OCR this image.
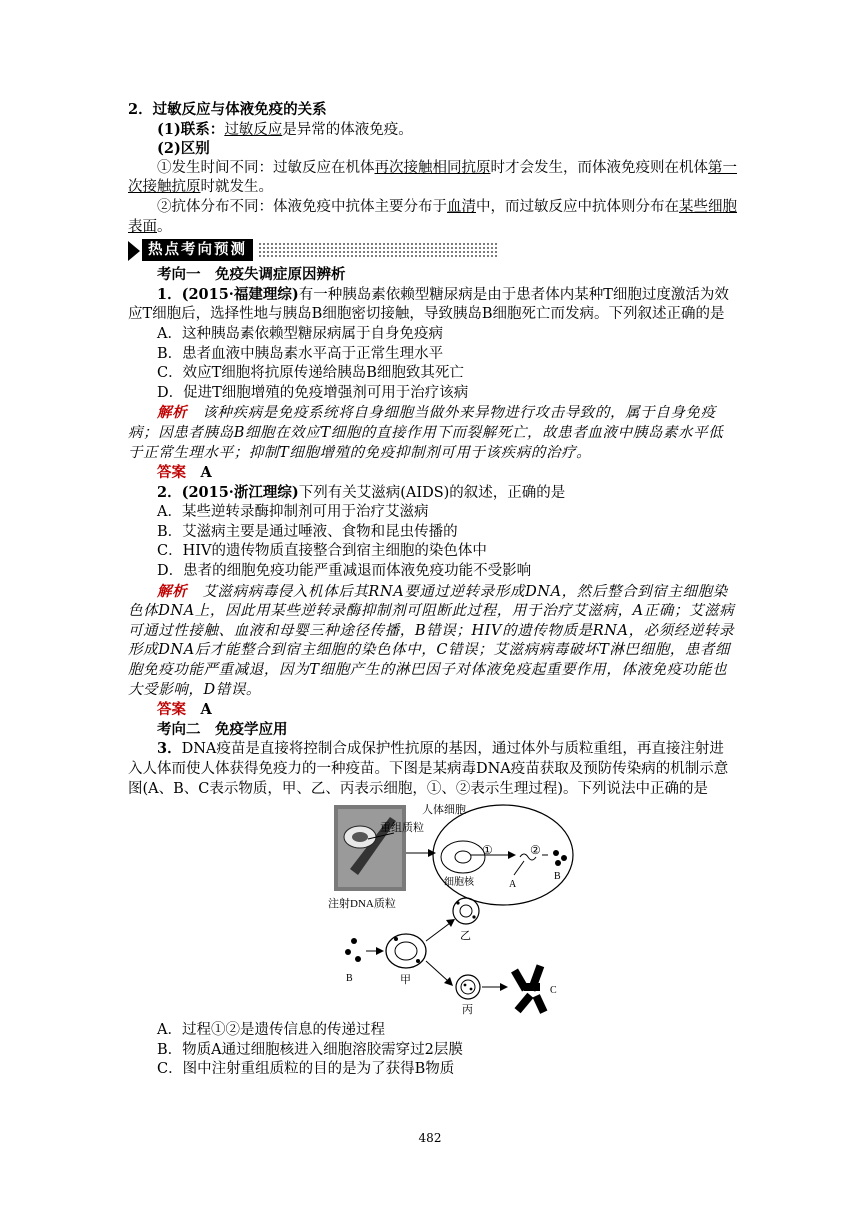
2．过敏反应与体液免疫的关系
(1)联系：过敏反应是异常的体液免疫。
(2)区别
①发生时间不同：过敏反应在机体再次接触相同抗原时才会发生，而体液免疫则在机体第一次接触抗原时就发生。
②抗体分布不同：体液免疫中抗体主要分布于血清中，而过敏反应中抗体则分布在某些细胞表面。
热点考向预测
考向一　免疫失调症原因辨析
1．(2015·福建理综)有一种胰岛素依赖型糖尿病是由于患者体内某种T细胞过度激活为效应T细胞后，选择性地与胰岛B细胞密切接触，导致胰岛B细胞死亡而发病。下列叙述正确的是
A．这种胰岛素依赖型糖尿病属于自身免疫病
B．患者血液中胰岛素水平高于正常生理水平
C．效应T细胞将抗原传递给胰岛B细胞致其死亡
D．促进T细胞增殖的免疫增强剂可用于治疗该病
解析　 该种疾病是免疫系统将自身细胞当做外来异物进行攻击导致的，属于自身免疫病；因患者胰岛B细胞在效应T细胞的直接作用下而裂解死亡，故患者血液中胰岛素水平低于正常生理水平；抑制T细胞增殖的免疫抑制剂可用于该疾病的治疗。
答案　 A
2．(2015·浙江理综)下列有关艾滋病(AIDS)的叙述，正确的是
A．某些逆转录酶抑制剂可用于治疗艾滋病
B．艾滋病主要是通过唾液、食物和昆虫传播的
C．HIV的遗传物质直接整合到宿主细胞的染色体中
D．患者的细胞免疫功能严重减退而体液免疫功能不受影响
解析　 艾滋病病毒侵入机体后其RNA要通过逆转录形成DNA，然后整合到宿主细胞染色体DNA上，因此用某些逆转录酶抑制剂可阻断此过程，用于治疗艾滋病，A正确；艾滋病可通过性接触、血液和母婴三种途径传播，B错误；HIV的遗传物质是RNA，必须经逆转录形成DNA后才能整合到宿主细胞的染色体中，C错误；艾滋病病毒破坏T淋巴细胞，患者细胞免疫功能严重减退，因为T细胞产生的淋巴因子对体液免疫起重要作用，体液免疫功能也大受影响，D错误。
答案　 A
考向二　免疫学应用
3．DNA疫苗是直接将控制合成保护性抗原的基因，通过体外与质粒重组，再直接注射进入人体而使人体获得免疫力的一种疫苗。下图是某病毒DNA疫苗获取及预防传染病的机制示意图(A、B、C表示物质，甲、乙、丙表示细胞，①、②表示生理过程)。下列说法中正确的是
重组质粒
注射DNA质粒
人体细胞
细胞核
①	②
A
B
B	甲
乙
丙
C
A．过程①②是遗传信息的传递过程
B．物质A通过细胞核进入细胞溶胶需穿过2层膜
C．图中注射重组质粒的目的是为了获得B物质
482
